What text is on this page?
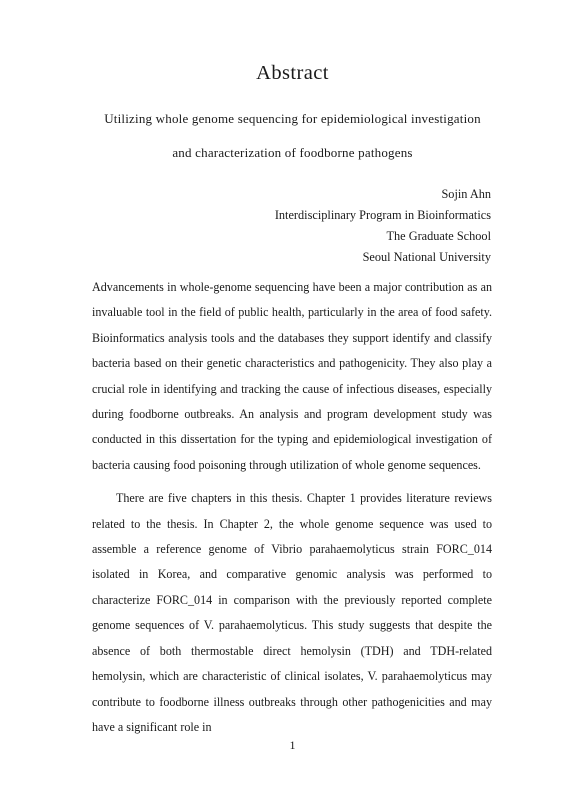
Abstract
Utilizing whole genome sequencing for epidemiological investigation
and characterization of foodborne pathogens
Sojin Ahn
Interdisciplinary Program in Bioinformatics
The Graduate School
Seoul National University

Advancements in whole-genome sequencing have been a major contribution as an invaluable tool in the field of public health, particularly in the area of food safety. Bioinformatics analysis tools and the databases they support identify and classify bacteria based on their genetic characteristics and pathogenicity. They also play a crucial role in identifying and tracking the cause of infectious diseases, especially during foodborne outbreaks. An analysis and program development study was conducted in this dissertation for the typing and epidemiological investigation of bacteria causing food poisoning through utilization of whole genome sequences.

There are five chapters in this thesis. Chapter 1 provides literature reviews related to the thesis. In Chapter 2, the whole genome sequence was used to assemble a reference genome of Vibrio parahaemolyticus strain FORC_014 isolated in Korea, and comparative genomic analysis was performed to characterize FORC_014 in comparison with the previously reported complete genome sequences of V. parahaemolyticus. This study suggests that despite the absence of both thermostable direct hemolysin (TDH) and TDH-related hemolysin, which are characteristic of clinical isolates, V. parahaemolyticus may contribute to foodborne illness outbreaks through other pathogenicities and may have a significant role in

1
